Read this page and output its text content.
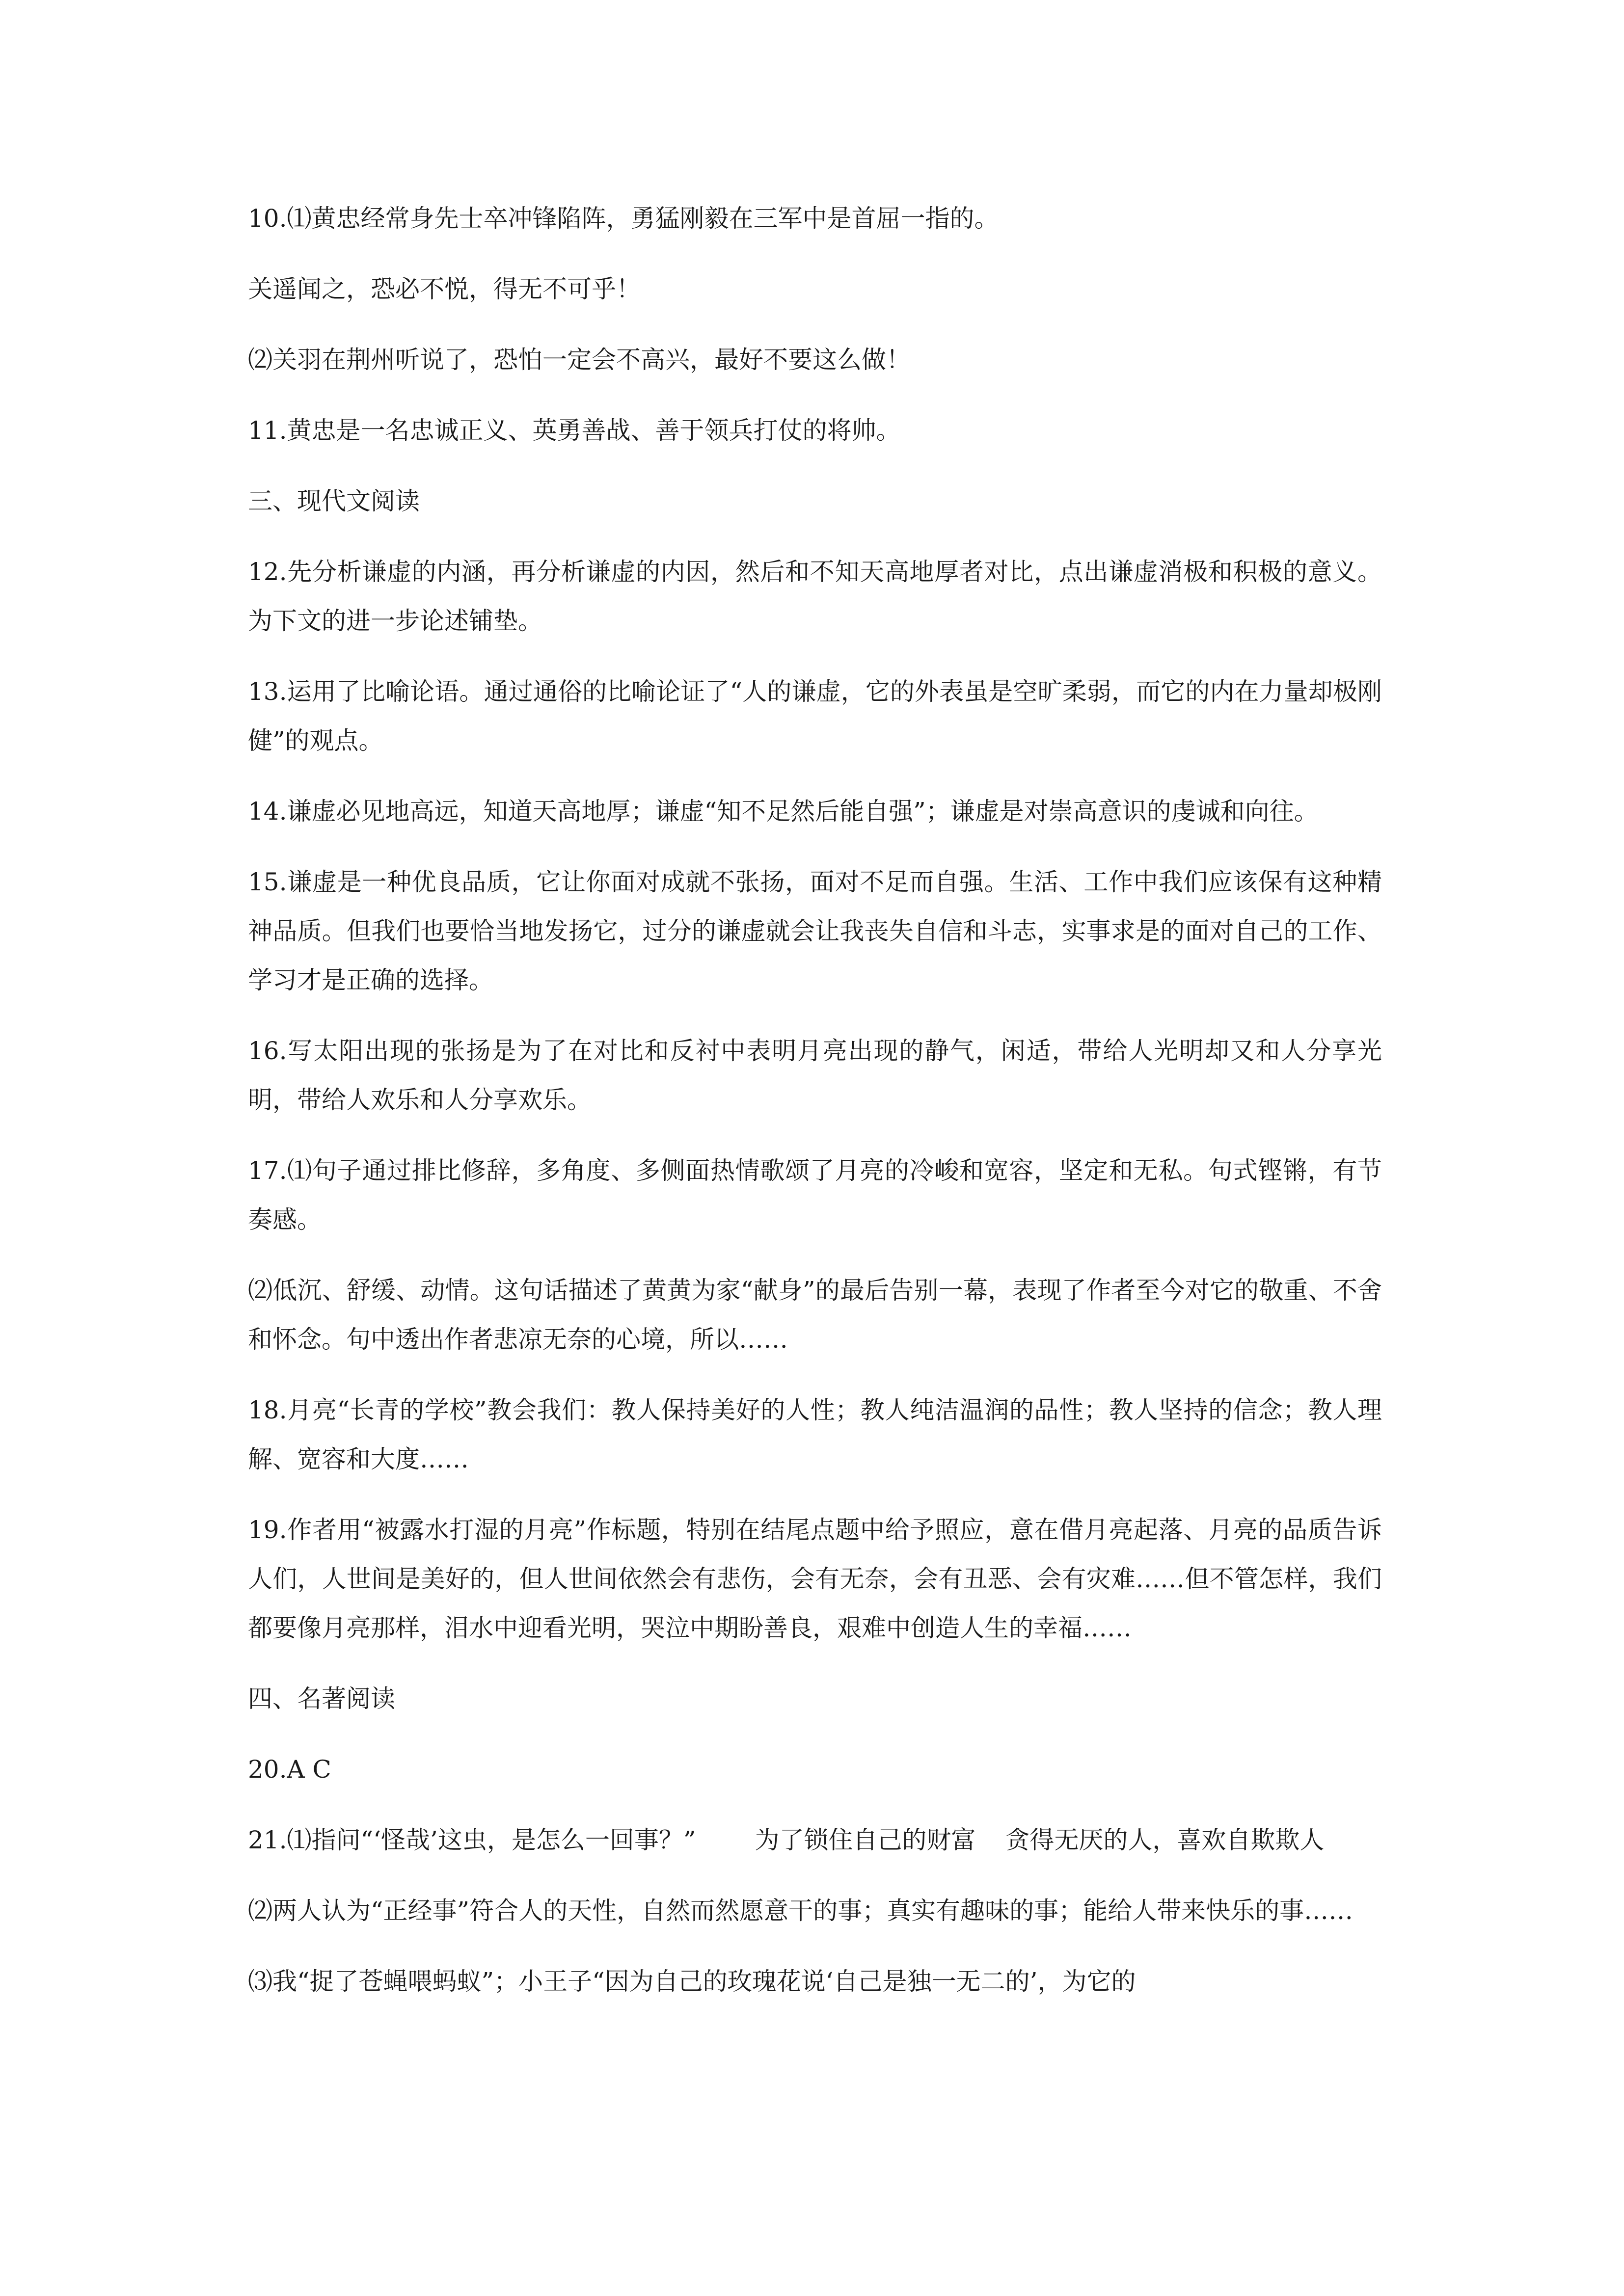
10.⑴黄忠经常身先士卒冲锋陷阵，勇猛刚毅在三军中是首屈一指的。

关遥闻之，恐必不悦，得无不可乎！

⑵关羽在荆州听说了，恐怕一定会不高兴，最好不要这么做！

11.黄忠是一名忠诚正义、英勇善战、善于领兵打仗的将帅。

三、现代文阅读

12.先分析谦虚的内涵，再分析谦虚的内因，然后和不知天高地厚者对比，点出谦虚消极和积极的意义。为下文的进一步论述铺垫。

13.运用了比喻论语。通过通俗的比喻论证了“人的谦虚，它的外表虽是空旷柔弱，而它的内在力量却极刚健”的观点。

14.谦虚必见地高远，知道天高地厚；谦虚“知不足然后能自强”；谦虚是对崇高意识的虔诚和向往。

15.谦虚是一种优良品质，它让你面对成就不张扬，面对不足而自强。生活、工作中我们应该保有这种精神品质。但我们也要恰当地发扬它，过分的谦虚就会让我丧失自信和斗志，实事求是的面对自己的工作、学习才是正确的选择。

16.写太阳出现的张扬是为了在对比和反衬中表明月亮出现的静气，闲适，带给人光明却又和人分享光明，带给人欢乐和人分享欢乐。

17.⑴句子通过排比修辞，多角度、多侧面热情歌颂了月亮的冷峻和宽容，坚定和无私。句式铿锵，有节奏感。

⑵低沉、舒缓、动情。这句话描述了黄黄为家“献身”的最后告别一幕，表现了作者至今对它的敬重、不舍和怀念。句中透出作者悲凉无奈的心境，所以……

18.月亮“长青的学校”教会我们：教人保持美好的人性；教人纯洁温润的品性；教人坚持的信念；教人理解、宽容和大度……

19.作者用“被露水打湿的月亮”作标题，特别在结尾点题中给予照应，意在借月亮起落、月亮的品质告诉人们，人世间是美好的，但人世间依然会有悲伤，会有无奈，会有丑恶、会有灾难……但不管怎样，我们都要像月亮那样，泪水中迎看光明，哭泣中期盼善良，艰难中创造人生的幸福……

四、名著阅读

20.A C

21.⑴指问“‘怪哉’这虫，是怎么一回事？” 为了锁住自己的财富 贪得无厌的人，喜欢自欺欺人

⑵两人认为“正经事”符合人的天性，自然而然愿意干的事；真实有趣味的事；能给人带来快乐的事……

⑶我“捉了苍蝇喂蚂蚁”；小王子“因为自己的玫瑰花说‘自己是独一无二的’，为它的
